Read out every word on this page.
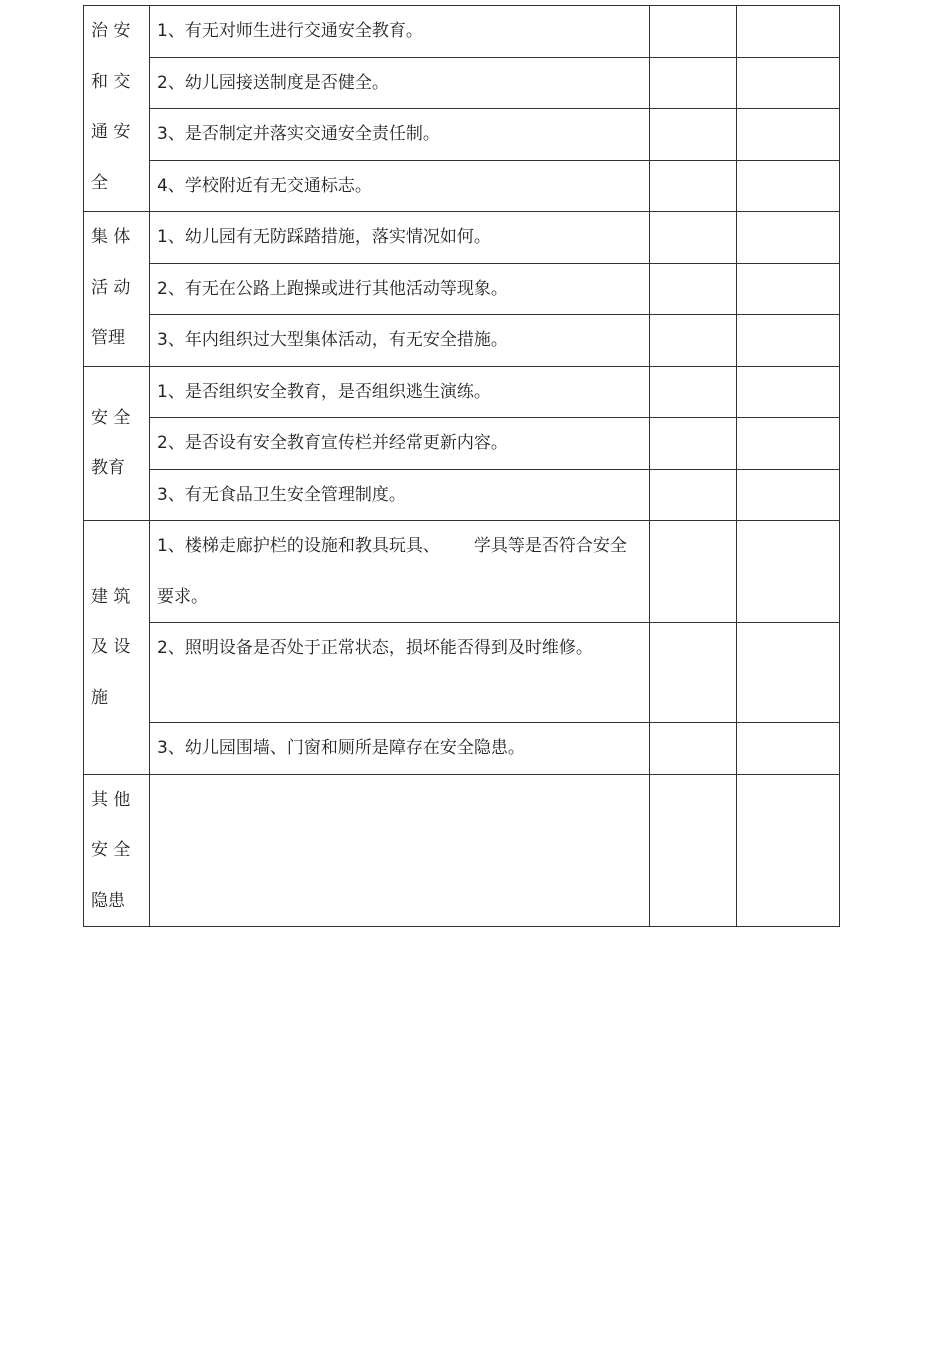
治 安
和 交
通 安
全	1、有无对师生进行交通安全教育。		
	2、幼儿园接送制度是否健全。		
	3、是否制定并落实交通安全责任制。		
	4、学校附近有无交通标志。		

集 体
活 动
管理	1、幼儿园有无防踩踏措施，落实情况如何。		
	2、有无在公路上跑操或进行其他活动等现象。		
	3、年内组织过大型集体活动，有无安全措施。		

安 全
教育	1、是否组织安全教育，是否组织逃生演练。		
	2、是否设有安全教育宣传栏并经常更新内容。		
	3、有无食品卫生安全管理制度。		

建 筑
及 设
施	1、楼梯走廊护栏的设施和教具玩具、 学具等是否符合安全要求。		
	2、照明设备是否处于正常状态，损坏能否得到及时维修。		
	3、幼儿园围墙、门窗和厕所是障存在安全隐患。		

其 他
安 全
隐患			
